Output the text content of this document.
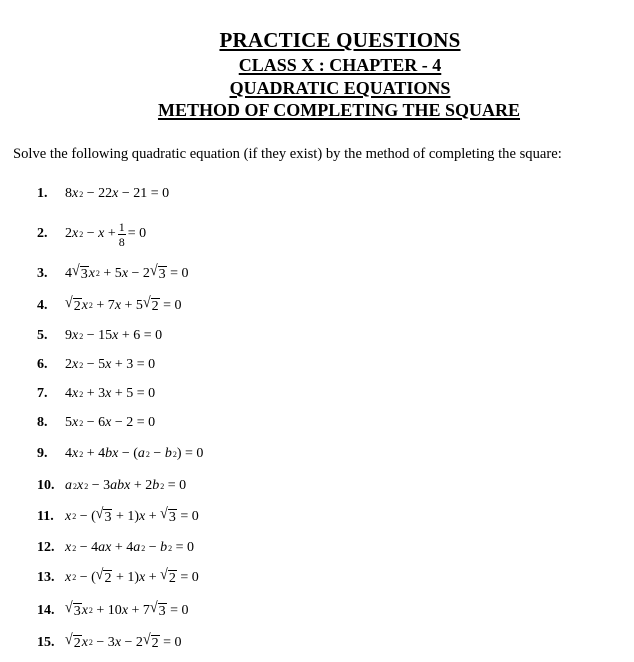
PRACTICE QUESTIONS
CLASS X : CHAPTER - 4
QUADRATIC EQUATIONS
METHOD OF COMPLETING THE SQUARE
Solve the following quadratic equation (if they exist) by the method of completing the square:
1.	8 x 2 − 22 x − 21 = 0
2.	2 x $2 - x + \frac{1}{8} = 0$
3.	4 √ 3 x 2 + 5 x − 2 √ 3 = 0
4.	√ 2 x 2 + 7 x + 5 √ 2 = 0
5.	9 x 2 − 15 x + 6 = 0
6.	2 x 2 − 5 x + 3 = 0
7.	4 x 2 + 3 x + 5 = 0
8.	5 x 2 − 6 x − 2 = 0
9.	4 x 2 + 4 bx − ( a 2 − b 2 ) = 0
10. a 2 x 2 − 3 abx + 2 b 2 = 0
11. x 2 − ( √ 3 + 1) x + √ 3 = 0
12. x 2 − 4 ax + 4 a 2 − b 2 = 0
13. x 2 − ( √ 2 + 1) x + √ 2 = 0
14. √ 3 x 2 + 10 x + 7 √ 3 = 0
15. √ 2 x 2 − 3 x − 2 √ 2 = 0
